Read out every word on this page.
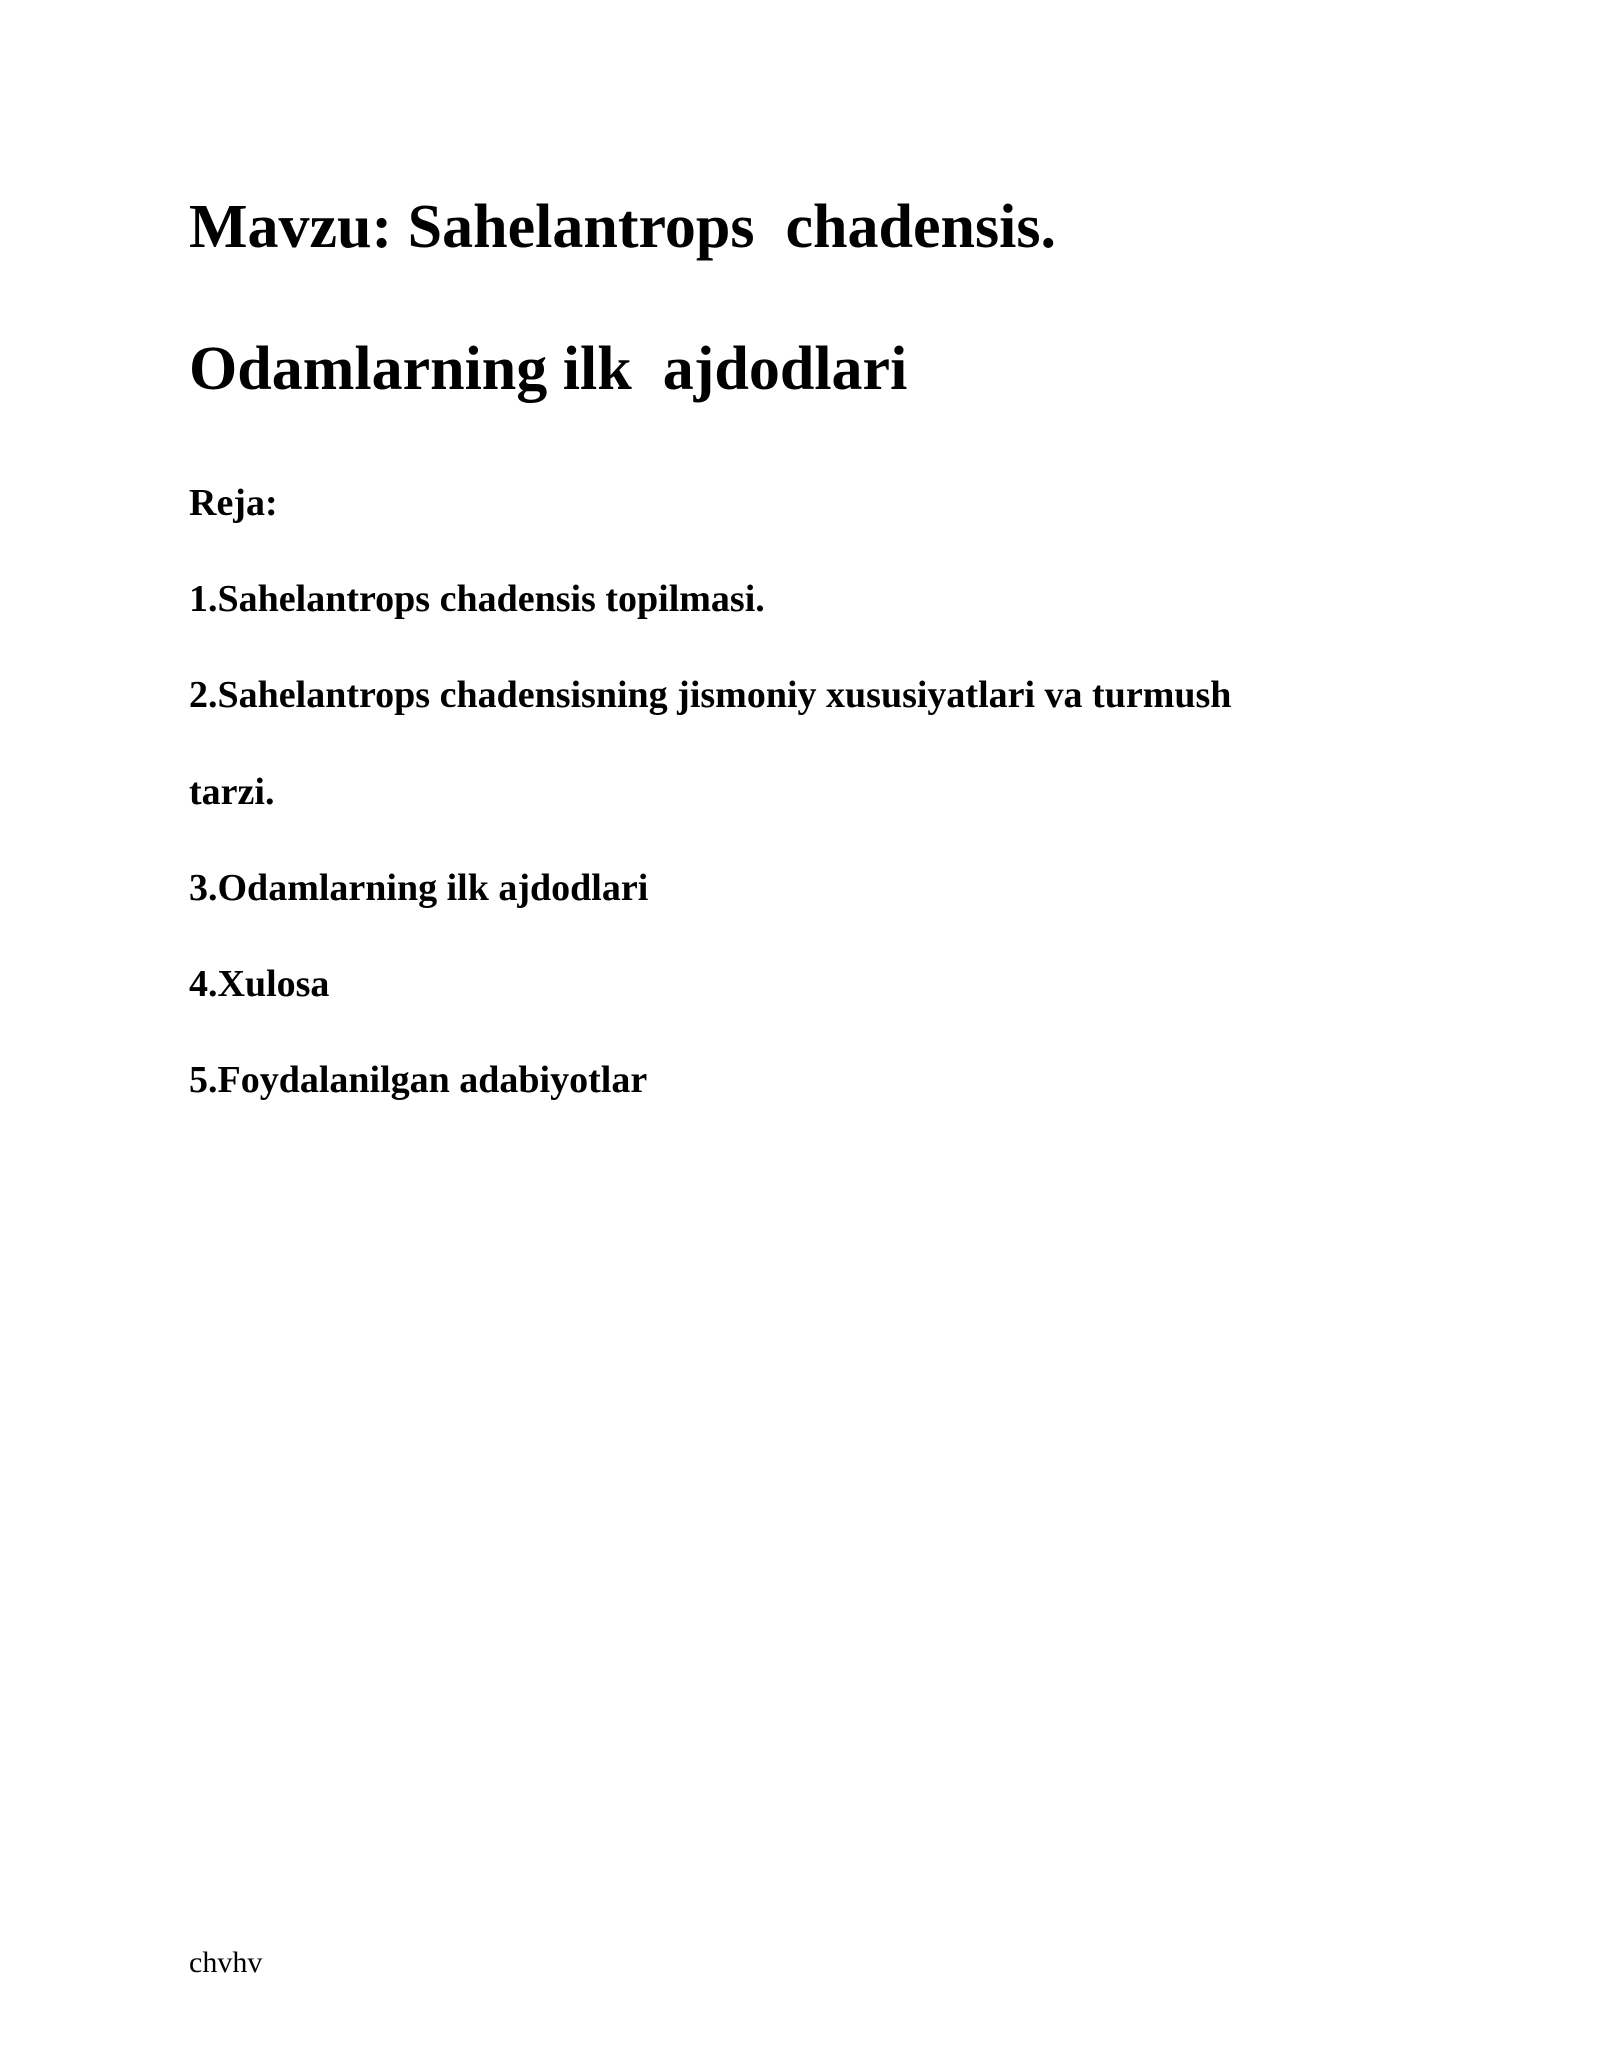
Mavzu: Sahelantrops  chadensis.
Odamlarning ilk  ajdodlari

Reja:

1.Sahelantrops chadensis topilmasi.

2.Sahelantrops chadensisning jismoniy xususiyatlari va turmush

tarzi.

3.Odamlarning ilk ajdodlari

4.Xulosa

5.Foydalanilgan adabiyotlar

chvhv
